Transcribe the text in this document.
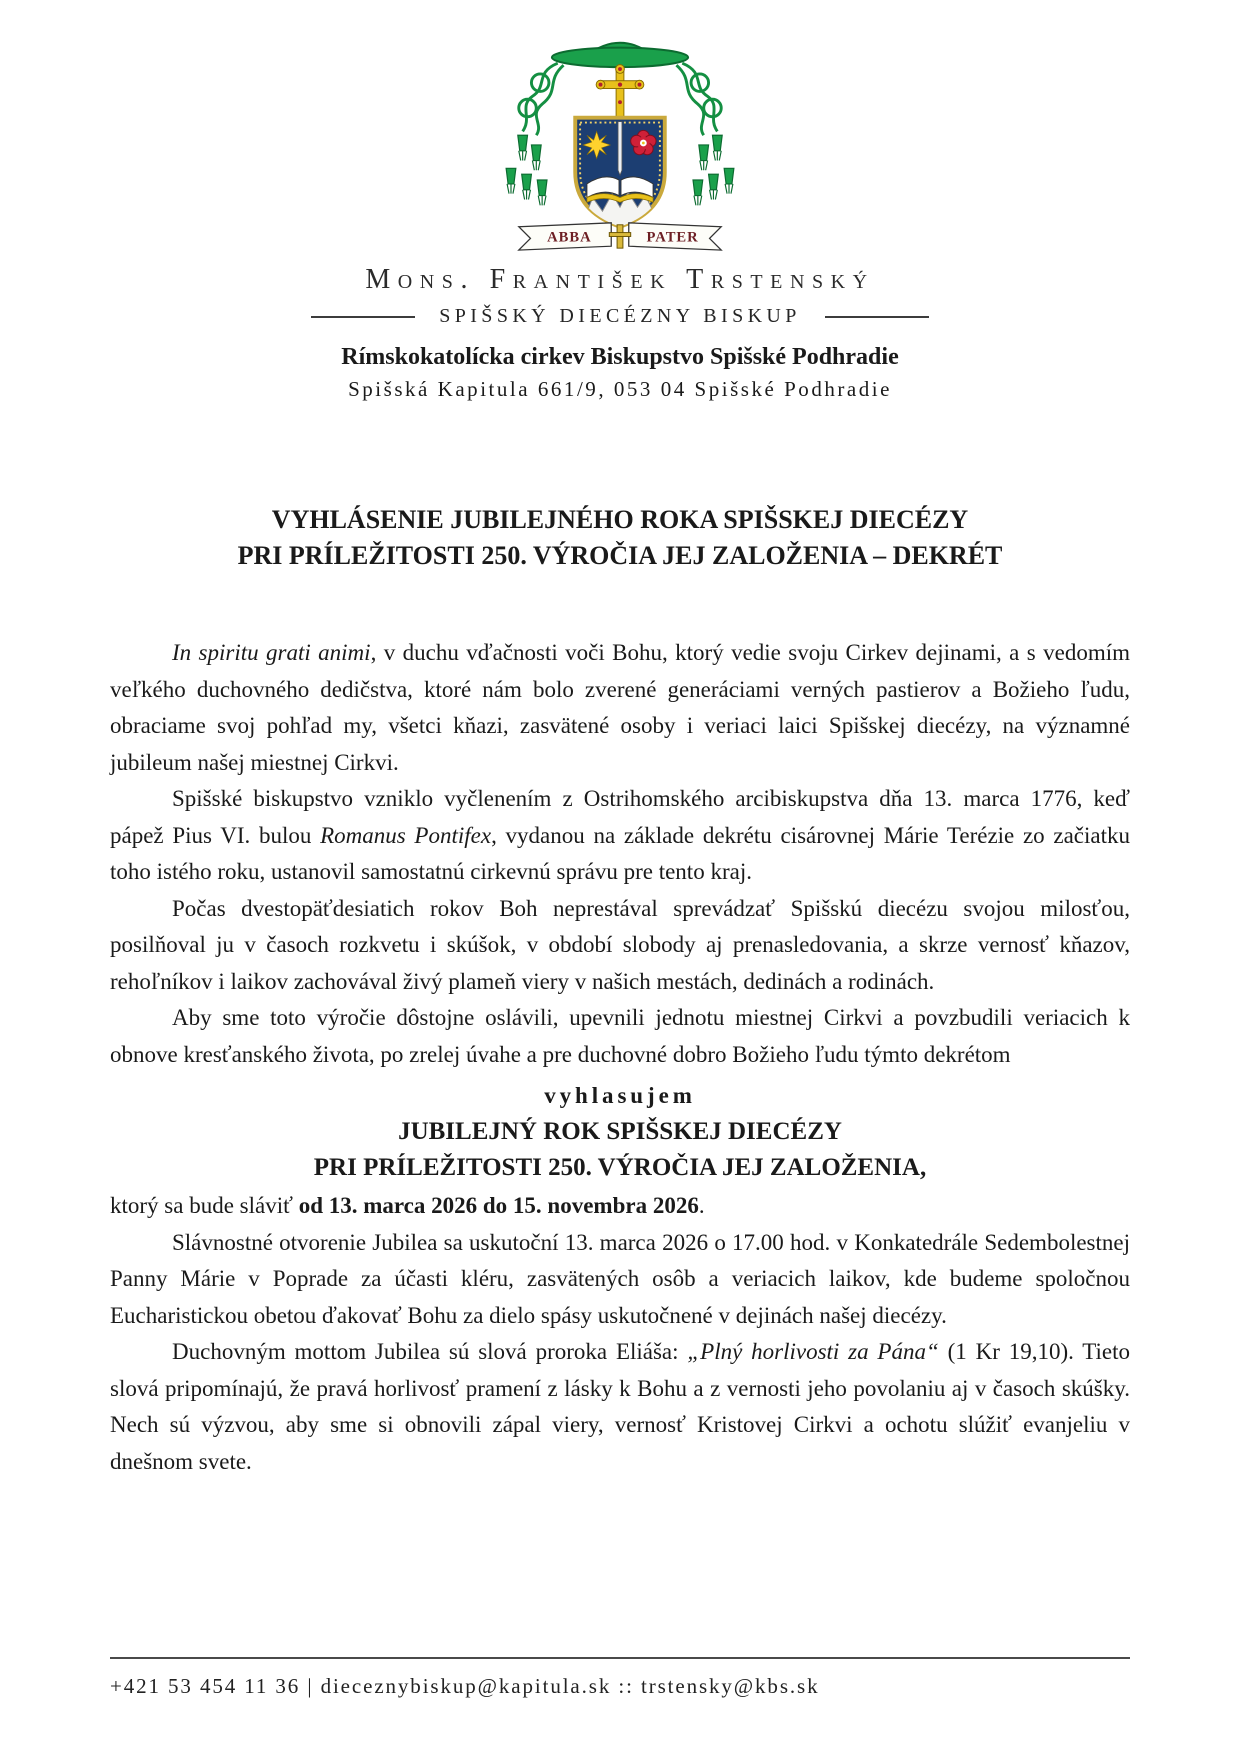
ABBA	PATER
Mons. František Trstenský
SPIŠSKÝ DIECÉZNY BISKUP
Rímskokatolícka cirkev Biskupstvo Spišské Podhradie
Spišská Kapitula 661/9, 053 04 Spišské Podhradie
VYHLÁSENIE JUBILEJNÉHO ROKA SPIŠSKEJ DIECÉZY
PRI PRÍLEŽITOSTI 250. VÝROČIA JEJ ZALOŽENIA – DEKRÉT

In spiritu grati animi, v duchu vďačnosti voči Bohu, ktorý vedie svoju Cirkev dejinami, a s vedomím veľkého duchovného dedičstva, ktoré nám bolo zverené generáciami verných pastierov a Božieho ľudu, obraciame svoj pohľad my, všetci kňazi, zasvätené osoby i veriaci laici Spišskej diecézy, na významné jubileum našej miestnej Cirkvi.

Spišské biskupstvo vzniklo vyčlenením z Ostrihomského arcibiskupstva dňa 13. marca 1776, keď pápež Pius VI. bulou Romanus Pontifex, vydanou na základe dekrétu cisárovnej Márie Terézie zo začiatku toho istého roku, ustanovil samostatnú cirkevnú správu pre tento kraj.

Počas dvestopäťdesiatich rokov Boh neprestával sprevádzať Spišskú diecézu svojou milosťou, posilňoval ju v časoch rozkvetu i skúšok, v období slobody aj prenasledovania, a skrze vernosť kňazov, rehoľníkov i laikov zachovával živý plameň viery v našich mestách, dedinách a rodinách.

Aby sme toto výročie dôstojne oslávili, upevnili jednotu miestnej Cirkvi a povzbudili veriacich k obnove kresťanského života, po zrelej úvahe a pre duchovné dobro Božieho ľudu týmto dekrétom

vyhlasujem
JUBILEJNÝ ROK SPIŠSKEJ DIECÉZY
PRI PRÍLEŽITOSTI 250. VÝROČIA JEJ ZALOŽENIA,

ktorý sa bude sláviť od 13. marca 2026 do 15. novembra 2026.

Slávnostné otvorenie Jubilea sa uskutoční 13. marca 2026 o 17.00 hod. v Konkatedrále Sedembolestnej Panny Márie v Poprade za účasti kléru, zasvätených osôb a veriacich laikov, kde budeme spoločnou Eucharistickou obetou ďakovať Bohu za dielo spásy uskutočnené v dejinách našej diecézy.

Duchovným mottom Jubilea sú slová proroka Eliáša: „Plný horlivosti za Pána“ (1 Kr 19,10). Tieto slová pripomínajú, že pravá horlivosť pramení z lásky k Bohu a z vernosti jeho povolaniu aj v časoch skúšky. Nech sú výzvou, aby sme si obnovili zápal viery, vernosť Kristovej Cirkvi a ochotu slúžiť evanjeliu v dnešnom svete.

+421 53 454 11 36 | dieceznybiskup@kapitula.sk :: trstensky@kbs.sk
